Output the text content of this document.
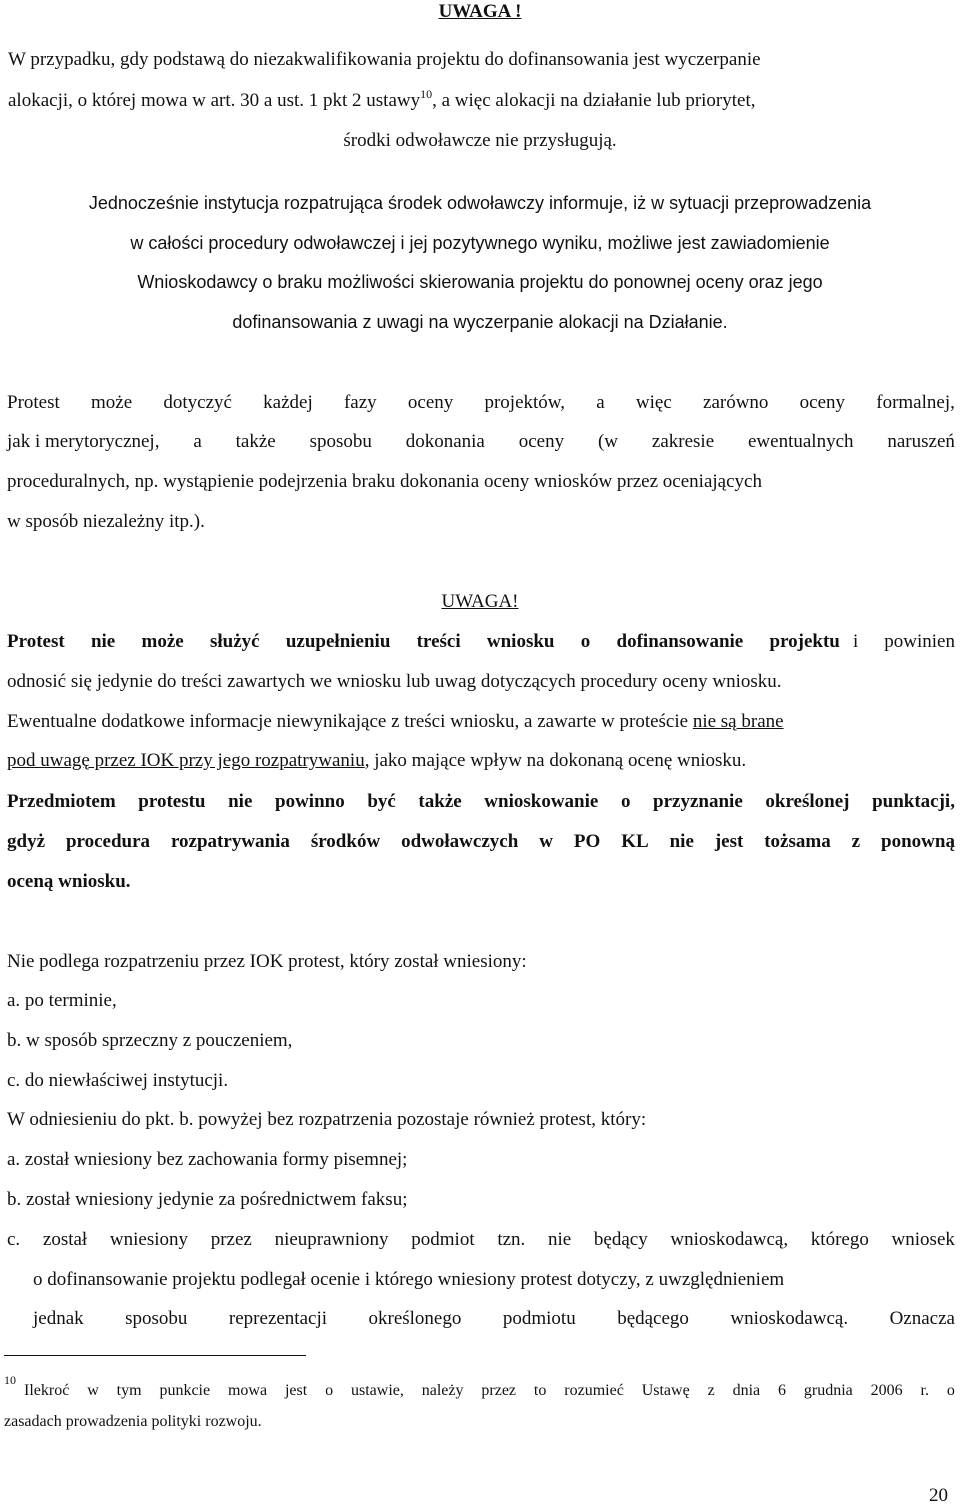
UWAGA !
W przypadku, gdy podstawą do niezakwalifikowania projektu do dofinansowania jest wyczerpanie
alokacji, o której mowa w art. 30 a ust. 1 pkt 2 ustawy$^{10}$, a więc alokacji na działanie lub priorytet,
środki odwoławcze nie przysługują.
Jednocześnie instytucja rozpatrująca środek odwoławczy informuje, iż w sytuacji przeprowadzenia
w całości procedury odwoławczej i jej pozytywnego wyniku, możliwe jest zawiadomienie
Wnioskodawcy o braku możliwości skierowania projektu do ponownej oceny oraz jego
dofinansowania z uwagi na wyczerpanie alokacji na Działanie.
Protest może dotyczyć każdej fazy oceny projektów, a więc zarówno oceny formalnej,
jak i merytorycznej, a także sposobu dokonania oceny (w zakresie ewentualnych naruszeń
proceduralnych, np. wystąpienie podejrzenia braku dokonania oceny wniosków przez oceniających
w sposób niezależny itp.).
UWAGA!
Protest nie może służyć uzupełnieniu treści wniosku o dofinansowanie projektu i powinien
odnosić się jedynie do treści zawartych we wniosku lub uwag dotyczących procedury oceny wniosku.
Ewentualne dodatkowe informacje niewynikające z treści wniosku, a zawarte w proteście nie są brane
pod uwagę przez IOK przy jego rozpatrywaniu, jako mające wpływ na dokonaną ocenę wniosku.
Przedmiotem protestu nie powinno być także wnioskowanie o przyznanie określonej punktacji,
gdyż procedura rozpatrywania środków odwoławczych w PO KL nie jest tożsama z ponowną
oceną wniosku.
Nie podlega rozpatrzeniu przez IOK protest, który został wniesiony:
a. po terminie,
b. w sposób sprzeczny z pouczeniem,
c. do niewłaściwej instytucji.
W odniesieniu do pkt. b. powyżej bez rozpatrzenia pozostaje również protest, który:
a. został wniesiony bez zachowania formy pisemnej;
b. został wniesiony jedynie za pośrednictwem faksu;
c. został wniesiony przez nieuprawniony podmiot tzn. nie będący wnioskodawcą, którego wniosek
o dofinansowanie projektu podlegał ocenie i którego wniesiony protest dotyczy, z uwzględnieniem
jednak sposobu reprezentacji określonego podmiotu będącego wnioskodawcą. Oznacza
10
Ilekroć w tym punkcie mowa jest o ustawie, należy przez to rozumieć Ustawę z dnia 6 grudnia 2006 r. o
zasadach prowadzenia polityki rozwoju.
20
